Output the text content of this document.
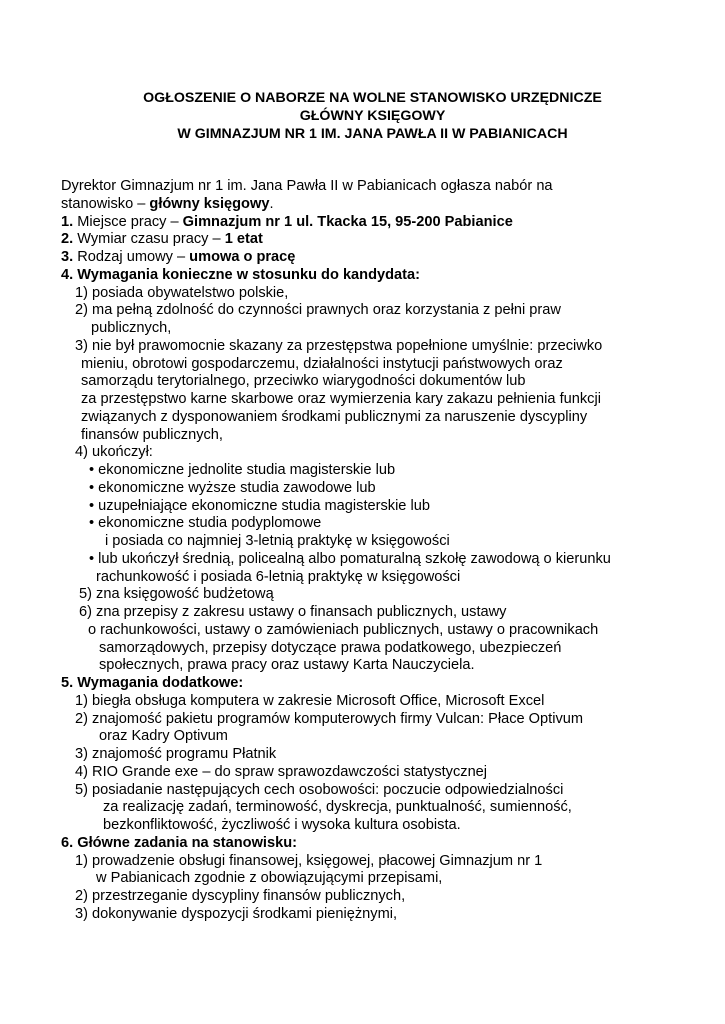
OGŁOSZENIE O NABORZE NA WOLNE STANOWISKO URZĘDNICZE
GŁÓWNY KSIĘGOWY
W GIMNAZJUM NR 1 IM. JANA PAWŁA II W PABIANICACH
Dyrektor Gimnazjum nr 1 im. Jana Pawła II w Pabianicach ogłasza nabór na
stanowisko – główny księgowy.
1. Miejsce pracy – Gimnazjum nr 1 ul. Tkacka 15, 95-200 Pabianice
2. Wymiar czasu pracy – 1 etat
3. Rodzaj umowy – umowa o pracę
4. Wymagania konieczne w stosunku do kandydata:
1) posiada obywatelstwo polskie,
2) ma pełną zdolność do czynności prawnych oraz korzystania z pełni praw
publicznych,
3) nie był prawomocnie skazany za przestępstwa popełnione umyślnie: przeciwko
mieniu, obrotowi gospodarczemu, działalności instytucji państwowych oraz
samorządu terytorialnego, przeciwko wiarygodności dokumentów lub
za przestępstwo karne skarbowe oraz wymierzenia kary zakazu pełnienia funkcji
związanych z dysponowaniem środkami publicznymi za naruszenie dyscypliny
finansów publicznych,
4) ukończył:
• ekonomiczne jednolite studia magisterskie lub
• ekonomiczne wyższe studia zawodowe lub
• uzupełniające ekonomiczne studia magisterskie lub
• ekonomiczne studia podyplomowe
i posiada co najmniej 3-letnią praktykę w księgowości
• lub ukończył średnią, policealną albo pomaturalną szkołę zawodową o kierunku
rachunkowość i posiada 6-letnią praktykę w księgowości
5) zna księgowość budżetową
6) zna przepisy z zakresu ustawy o finansach publicznych, ustawy
o rachunkowości, ustawy o zamówieniach publicznych, ustawy o pracownikach
samorządowych, przepisy dotyczące prawa podatkowego, ubezpieczeń
społecznych, prawa pracy oraz ustawy Karta Nauczyciela.
5. Wymagania dodatkowe:
1) biegła obsługa komputera w zakresie Microsoft Office, Microsoft Excel
2) znajomość pakietu programów komputerowych firmy Vulcan: Płace Optivum
oraz Kadry Optivum
3) znajomość programu Płatnik
4) RIO Grande exe – do spraw sprawozdawczości statystycznej
5) posiadanie następujących cech osobowości: poczucie odpowiedzialności
za realizację zadań, terminowość, dyskrecja, punktualność, sumienność,
bezkonfliktowość, życzliwość i wysoka kultura osobista.
6. Główne zadania na stanowisku:
1) prowadzenie obsługi finansowej, księgowej, płacowej Gimnazjum nr 1
w Pabianicach zgodnie z obowiązującymi przepisami,
2) przestrzeganie dyscypliny finansów publicznych,
3) dokonywanie dyspozycji środkami pieniężnymi,
